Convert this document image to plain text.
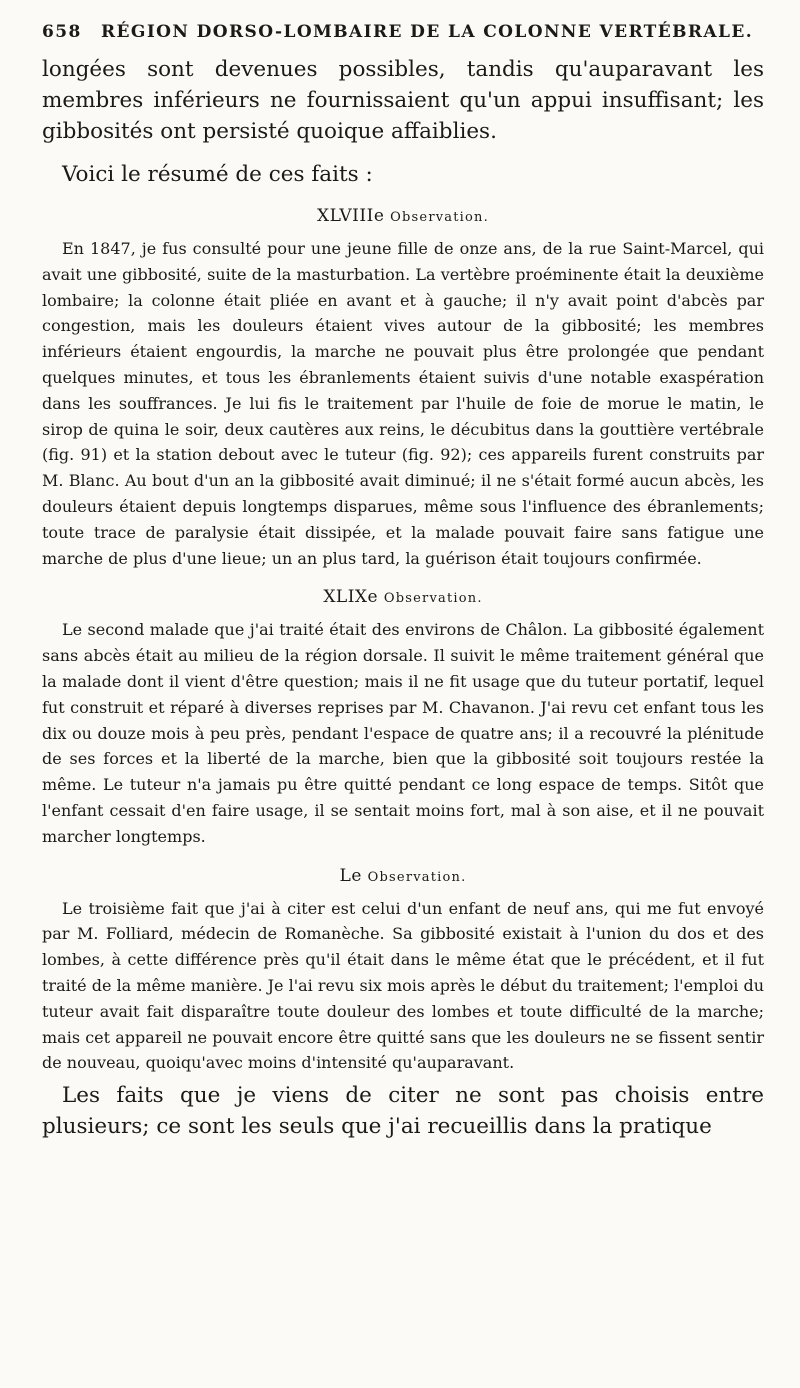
658 RÉGION DORSO-LOMBAIRE DE LA COLONNE VERTÉBRALE.

longées sont devenues possibles, tandis qu'auparavant les membres inférieurs ne fournissaient qu'un appui insuffisant; les gibbosités ont persisté quoique affaiblies.

Voici le résumé de ces faits :

XLVIIIe Observation.

En 1847, je fus consulté pour une jeune fille de onze ans, de la rue Saint-Marcel, qui avait une gibbosité, suite de la masturbation. La vertèbre proéminente était la deuxième lombaire; la colonne était pliée en avant et à gauche; il n'y avait point d'abcès par congestion, mais les douleurs étaient vives autour de la gibbosité; les membres inférieurs étaient engourdis, la marche ne pouvait plus être prolongée que pendant quelques minutes, et tous les ébranlements étaient suivis d'une notable exaspération dans les souffrances. Je lui fis le traitement par l'huile de foie de morue le matin, le sirop de quina le soir, deux cautères aux reins, le décubitus dans la gouttière vertébrale (fig. 91) et la station debout avec le tuteur (fig. 92); ces appareils furent construits par M. Blanc. Au bout d'un an la gibbosité avait diminué; il ne s'était formé aucun abcès, les douleurs étaient depuis longtemps disparues, même sous l'influence des ébranlements; toute trace de paralysie était dissipée, et la malade pouvait faire sans fatigue une marche de plus d'une lieue; un an plus tard, la guérison était toujours confirmée.

XLIXe Observation.

Le second malade que j'ai traité était des environs de Châlon. La gibbosité également sans abcès était au milieu de la région dorsale. Il suivit le même traitement général que la malade dont il vient d'être question; mais il ne fit usage que du tuteur portatif, lequel fut construit et réparé à diverses reprises par M. Chavanon. J'ai revu cet enfant tous les dix ou douze mois à peu près, pendant l'espace de quatre ans; il a recouvré la plénitude de ses forces et la liberté de la marche, bien que la gibbosité soit toujours restée la même. Le tuteur n'a jamais pu être quitté pendant ce long espace de temps. Sitôt que l'enfant cessait d'en faire usage, il se sentait moins fort, mal à son aise, et il ne pouvait marcher longtemps.

Le Observation.

Le troisième fait que j'ai à citer est celui d'un enfant de neuf ans, qui me fut envoyé par M. Folliard, médecin de Romanèche. Sa gibbosité existait à l'union du dos et des lombes, à cette différence près qu'il était dans le même état que le précédent, et il fut traité de la même manière. Je l'ai revu six mois après le début du traitement; l'emploi du tuteur avait fait disparaître toute douleur des lombes et toute difficulté de la marche; mais cet appareil ne pouvait encore être quitté sans que les douleurs ne se fissent sentir de nouveau, quoiqu'avec moins d'intensité qu'auparavant.

Les faits que je viens de citer ne sont pas choisis entre plusieurs; ce sont les seuls que j'ai recueillis dans la pratique
